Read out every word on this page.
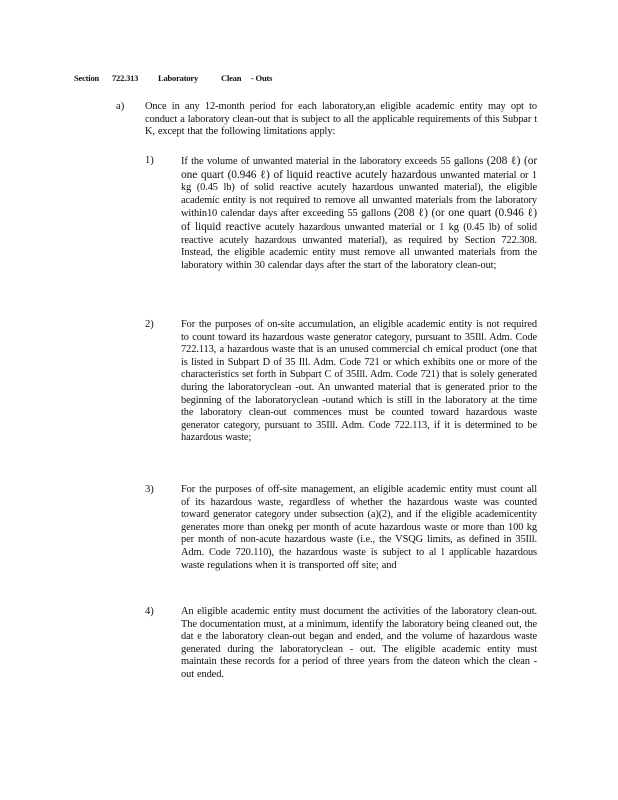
Section 722.313 Laboratory	Clean - Outs

a) Once in any 12-month period for each laboratory,an eligible academic entity may opt to conduct a laboratory clean-out that is subject to all the applicable requirements of this Subpar t K, except that the following limitations apply:

1)	If the volume of unwanted material in the laboratory exceeds 55 gallons (208 ℓ) (or one quart (0.946 ℓ) of liquid reactive acutely hazardous unwanted material or 1 kg (0.45 lb) of solid reactive acutely hazardous unwanted material), the eligible academic entity is not required to remove all unwanted materials from the laboratory within10 calendar days after exceeding 55 gallons (208 ℓ) (or one quart (0.946 ℓ) of liquid reactive acutely hazardous unwanted material or 1 kg (0.45 lb) of solid reactive acutely hazardous unwanted material), as required by Section 722.308. Instead, the eligible academic entity must remove all unwanted materials from the laboratory within 30 calendar days after the start of the laboratory clean-out;

2)	For the purposes of on-site accumulation, an eligible academic entity is not required to count toward its hazardous waste generator category, pursuant to 35Ill. Adm. Code 722.113, a hazardous waste that is an unused commercial ch emical product (one that is listed in Subpart D of 35 Ill. Adm. Code 721 or which exhibits one or more of the characteristics set forth in Subpart C of 35Ill. Adm. Code 721) that is solely generated during the laboratoryclean -out. An unwanted material that is generated prior to the beginning of the laboratoryclean -outand which is still in the laboratory at the time the laboratory clean-out commences must be counted toward hazardous waste generator category, pursuant to 35Ill. Adm. Code 722.113, if it is determined to be hazardous waste;

3)	For the purposes of off-site management, an eligible academic entity must count all of its hazardous waste, regardless of whether the hazardous waste was counted toward generator category under subsection (a)(2), and if the eligible academicentity generates more than onekg per month of acute hazardous waste or more than 100 kg per month of non-acute hazardous waste (i.e., the VSQG limits, as defined in 35Ill. Adm. Code 720.110), the hazardous waste is subject to al l applicable hazardous waste regulations when it is transported off site; and

4)	An eligible academic entity must document the activities of the laboratory clean-out. The documentation must, at a minimum, identify the laboratory being cleaned out, the dat e the laboratory clean-out began and ended, and the volume of hazardous waste generated during the laboratoryclean - out. The eligible academic entity must maintain these records for a period of three years from the dateon which the clean - out ended.
